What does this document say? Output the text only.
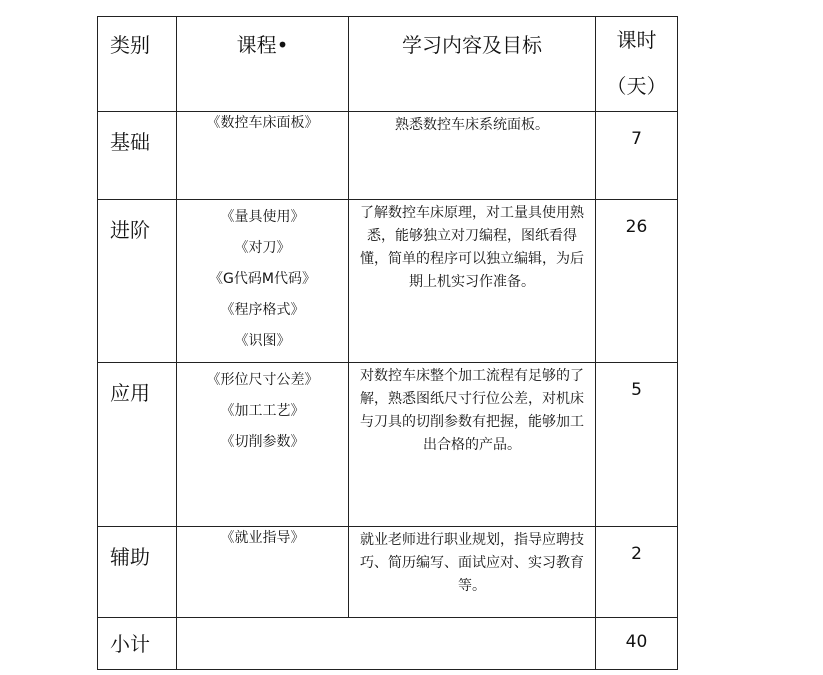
类别	课程•	学习内容及目标	课时
（天）

基础	《数控车床面板》	熟悉数控车床系统面板。	7
进阶	《量具使用》
《对刀》
《G代码M代码》
《程序格式》
《识图》	了解数控车床原理，对工量具使用熟悉，能够独立对刀编程，图纸看得懂，简单的程序可以独立编辑，为后期上机实习作准备。	26
应用	《形位尺寸公差》
《加工工艺》
《切削参数》	对数控车床整个加工流程有足够的了解，熟悉图纸尺寸行位公差，对机床与刀具的切削参数有把握，能够加工出合格的产品。	5
辅助	《就业指导》	就业老师进行职业规划，指导应聘技巧、简历编写、面试应对、实习教育等。	2
小计			40
